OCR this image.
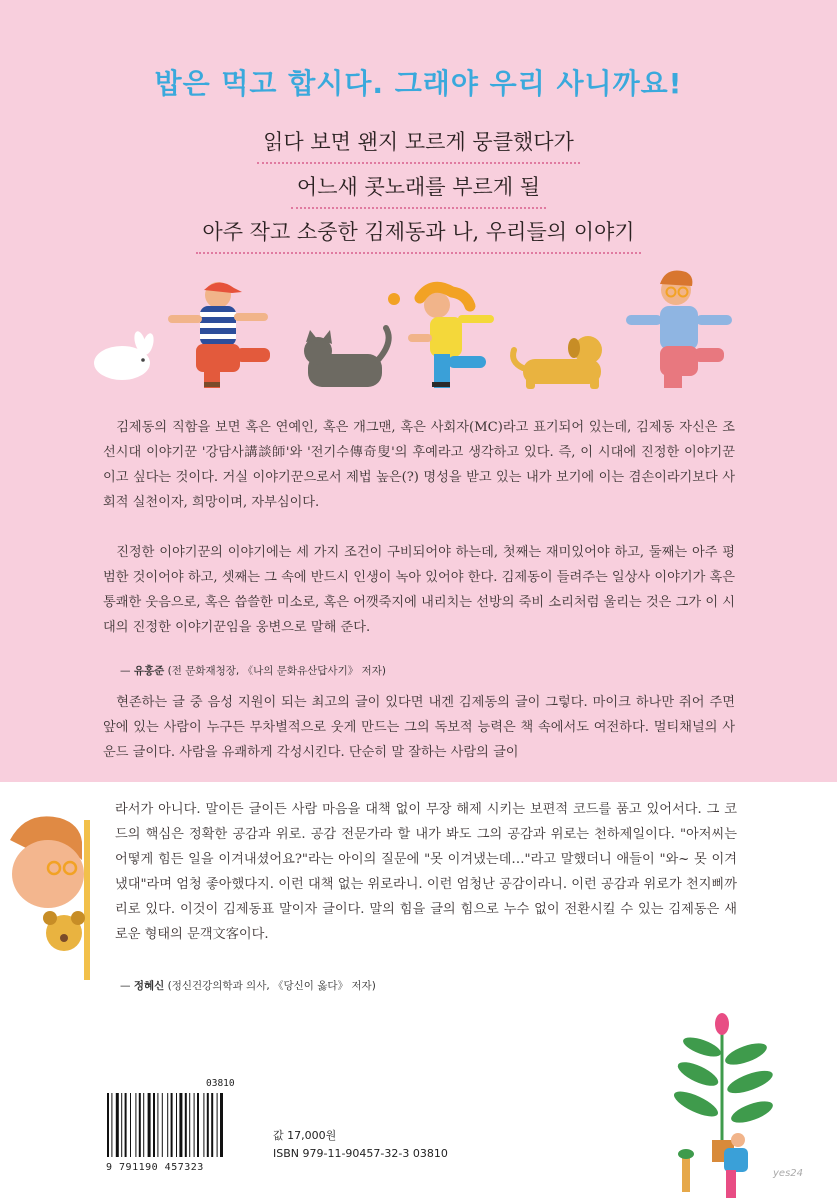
밥은 먹고 합시다. 그래야 우리 사니까요!
읽다 보면 왠지 모르게 뭉클했다가
어느새 콧노래를 부르게 될
아주 작고 소중한 김제동과 나, 우리들의 이야기

김제동의 직함을 보면 혹은 연예인, 혹은 개그맨, 혹은 사회자(MC)라고 표기되어 있는데, 김제동 자신은 조선시대 이야기꾼 '강담사講談師'와 '전기수傳奇叟'의 후예라고 생각하고 있다. 즉, 이 시대에 진정한 이야기꾼이고 싶다는 것이다. 거실 이야기꾼으로서 제법 높은(?) 명성을 받고 있는 내가 보기에 이는 겸손이라기보다 사회적 실천이자, 희망이며, 자부심이다.

진정한 이야기꾼의 이야기에는 세 가지 조건이 구비되어야 하는데, 첫째는 재미있어야 하고, 둘째는 아주 평범한 것이어야 하고, 셋째는 그 속에 반드시 인생이 녹아 있어야 한다. 김제동이 들려주는 일상사 이야기가 혹은 통쾌한 웃음으로, 혹은 씁쓸한 미소로, 혹은 어깻죽지에 내리치는 선방의 죽비 소리처럼 울리는 것은 그가 이 시대의 진정한 이야기꾼임을 웅변으로 말해 준다.

— 유홍준 (전 문화재청장, 《나의 문화유산답사기》 저자)

현존하는 글 중 음성 지원이 되는 최고의 글이 있다면 내겐 김제동의 글이 그렇다. 마이크 하나만 쥐어 주면 앞에 있는 사람이 누구든 무차별적으로 웃게 만드는 그의 독보적 능력은 책 속에서도 여전하다. 멀티채널의 사운드 글이다. 사람을 유쾌하게 각성시킨다. 단순히 말 잘하는 사람의 글이

라서가 아니다. 말이든 글이든 사람 마음을 대책 없이 무장 해제 시키는 보편적 코드를 품고 있어서다. 그 코드의 핵심은 정확한 공감과 위로. 공감 전문가라 할 내가 봐도 그의 공감과 위로는 천하제일이다. "아저씨는 어떻게 힘든 일을 이겨내셨어요?"라는 아이의 질문에 "못 이겨냈는데…"라고 말했더니 애들이 "와~ 못 이겨냈대"라며 엄청 좋아했다지. 이런 대책 없는 위로라니. 이런 엄청난 공감이라니. 이런 공감과 위로가 천지삐까리로 있다. 이것이 김제동표 말이자 글이다. 말의 힘을 글의 힘으로 누수 없이 전환시킬 수 있는 김제동은 새로운 형태의 문객文客이다.

— 정혜신 (정신건강의학과 의사, 《당신이 옳다》 저자)
03810
9 791190 457323
값 17,000원
ISBN 979-11-90457-32-3 03810
yes24
